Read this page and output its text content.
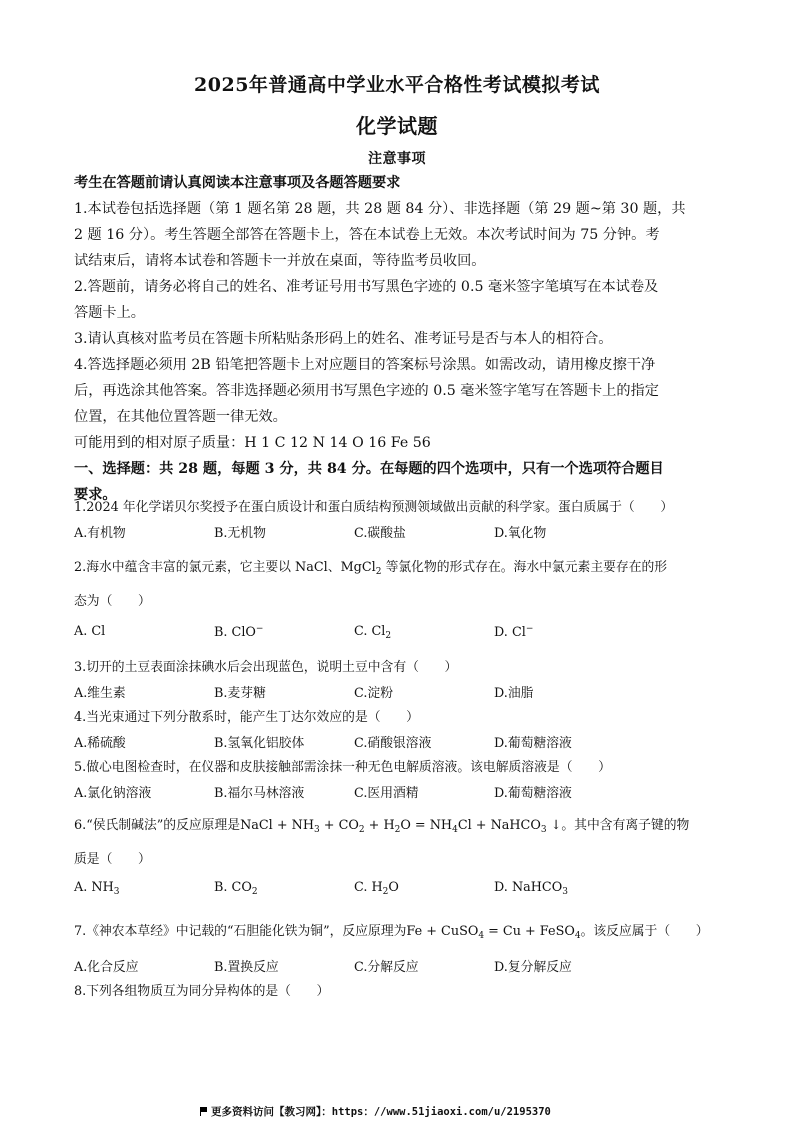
2025年普通高中学业水平合格性考试模拟考试
化学试题
注意事项
考生在答题前请认真阅读本注意事项及各题答题要求
1.本试卷包括选择题（第 1 题名第 28 题，共 28 题 84 分）、非选择题（第 29 题~第 30 题，共
2 题 16 分）。考生答题全部答在答题卡上，答在本试卷上无效。本次考试时间为 75 分钟。考
试结束后，请将本试卷和答题卡一并放在桌面，等待监考员收回。
2.答题前，请务必将自己的姓名、准考证号用书写黑色字迹的 0.5 毫米签字笔填写在本试卷及
答题卡上。
3.请认真核对监考员在答题卡所粘贴条形码上的姓名、准考证号是否与本人的相符合。
4.答选择题必须用 2B 铅笔把答题卡上对应题目的答案标号涂黑。如需改动，请用橡皮擦干净
后，再选涂其他答案。答非选择题必须用书写黑色字迹的 0.5 毫米签字笔写在答题卡上的指定
位置，在其他位置答题一律无效。
可能用到的相对原子质量：H 1 C 12 N 14 O 16 Fe 56
一、选择题：共 28 题，每题 3 分，共 84 分。在每题的四个选项中，只有一个选项符合题目
要求。
1.2024 年化学诺贝尔奖授予在蛋白质设计和蛋白质结构预测领域做出贡献的科学家。蛋白质属于（　　）
A.有机物	B.无机物	C.碳酸盐	D.氧化物
2.海水中蕴含丰富的氯元素，它主要以 NaCl、MgCl$_2$ 等氯化物的形式存在。海水中氯元素主要存在的形
态为（　　）
A. Cl	B. ClO−	C. $Cl_2$	D. Cl−
3.切开的土豆表面涂抹碘水后会出现蓝色，说明土豆中含有（　　）
A.维生素	B.麦芽糖	C.淀粉	D.油脂
4.当光束通过下列分散系时，能产生丁达尔效应的是（　　）
A.稀硫酸	B.氢氧化铝胶体	C.硝酸银溶液	D.葡萄糖溶液
5.做心电图检查时，在仪器和皮肤接触部需涂抹一种无色电解质溶液。该电解质溶液是（　　）
A.氯化钠溶液	B.福尔马林溶液	C.医用酒精	D.葡萄糖溶液
6.“侯氏制碱法”的反应原理是NaCl + $NH_3 + CO_2 + H_2O = NH_4Cl$ + NaHCO$_3$ ↓。其中含有离子键的物
质是（　　）
A. $NH_3$	B. $CO_2$	C. $H_2O$	D. NaHCO$_3$
7.《神农本草经》中记载的“石胆能化铁为铜”，反应原理为Fe + CuSO$_4$ = Cu + FeSO$_4$。该反应属于（　　）
A.化合反应	B.置换反应	C.分解反应	D.复分解反应
8.下列各组物质互为同分异构体的是（　　）
更多资料访问【教习网】：https：//www.51jiaoxi.com/u/2195370
